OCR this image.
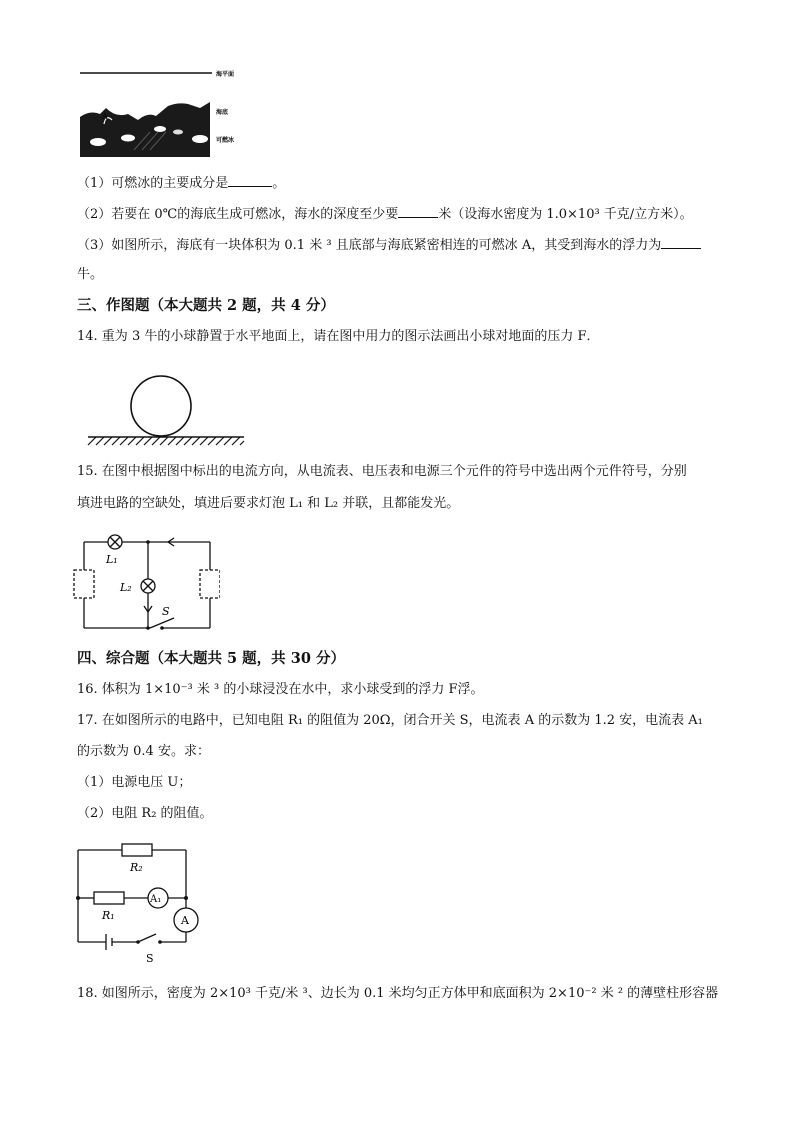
A
海平面
海底
可燃冰
（1）可燃冰的主要成分是	。
（2）若要在 0℃的海底生成可燃冰，海水的深度至少要	米（设海水密度为 1.0×10³ 千克/立方米）。
（3）如图所示，海底有一块体积为 0.1 米 ³ 且底部与海底紧密相连的可燃冰 A，其受到海水的浮力为
牛。
三、作图题（本大题共 2 题，共 4 分）
14. 重为 3 牛的小球静置于水平地面上，请在图中用力的图示法画出小球对地面的压力 F．
15. 在图中根据图中标出的电流方向，从电流表、电压表和电源三个元件的符号中选出两个元件符号，分别
填进电路的空缺处，填进后要求灯泡 L₁ 和 L₂ 并联，且都能发光。
L₁
L₂
S
四、综合题（本大题共 5 题，共 30 分）
16. 体积为 1×10⁻³ 米 ³ 的小球浸没在水中，求小球受到的浮力 F浮。
17. 在如图所示的电路中，已知电阻 R₁ 的阻值为 20Ω，闭合开关 S，电流表 A 的示数为 1.2 安，电流表 A₁
的示数为 0.4 安。求：
（1）电源电压 U；
（2）电阻 R₂ 的阻值。
R₂
R₁
A₁
A
S
18. 如图所示，密度为 2×10³ 千克/米 ³、边长为 0.1 米均匀正方体甲和底面积为 2×10⁻² 米 ² 的薄壁柱形容器
